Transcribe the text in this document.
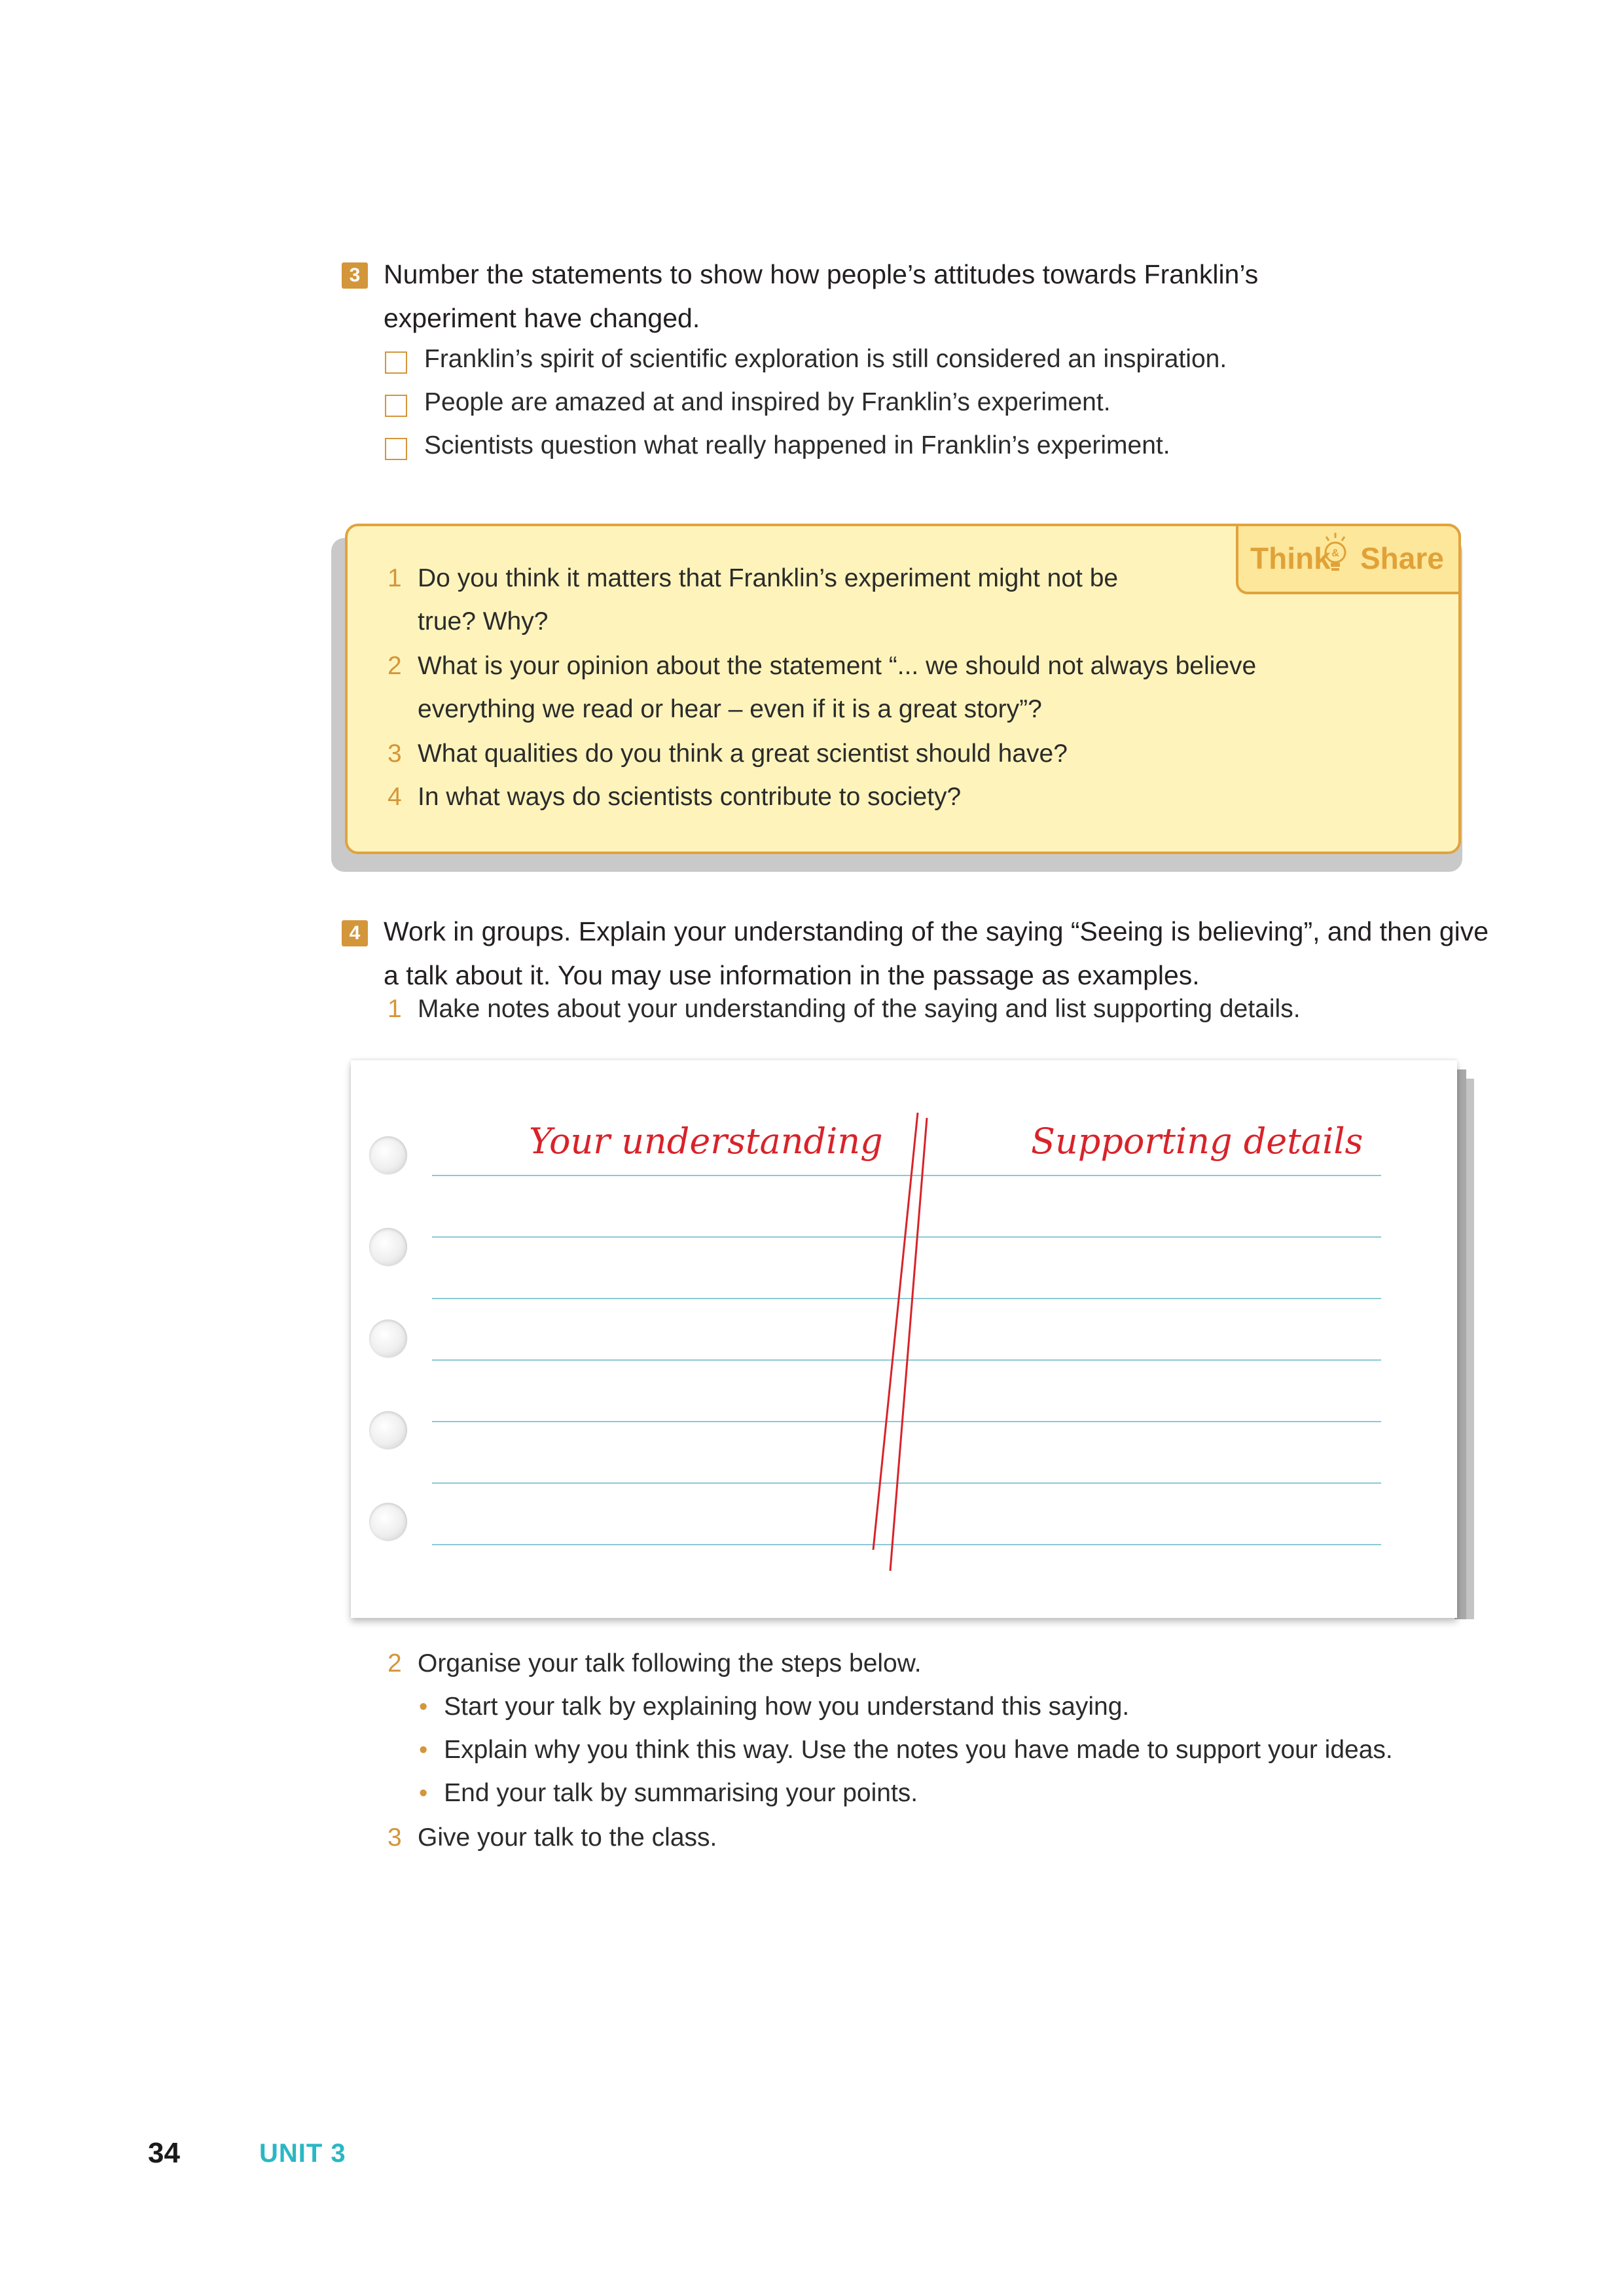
3 Number the statements to show how people’s attitudes towards Franklin’s experiment have changed.
Franklin’s spirit of scientific exploration is still considered an inspiration.
People are amazed at and inspired by Franklin’s experiment.
Scientists question what really happened in Franklin’s experiment.
Think & Share
1 Do you think it matters that Franklin’s experiment might not be
true? Why?
2 What is your opinion about the statement “... we should not always believe
everything we read or hear – even if it is a great story”?
3 What qualities do you think a great scientist should have?
4 In what ways do scientists contribute to society?
4 Work in groups. Explain your understanding of the saying “Seeing is believing”, and then give a talk about it. You may use information in the passage as examples.
1 Make notes about your understanding of the saying and list supporting details.
Your understanding	Supporting details
2 Organise your talk following the steps below.
• Start your talk by explaining how you understand this saying.
• Explain why you think this way. Use the notes you have made to support your ideas.
• End your talk by summarising your points.
3 Give your talk to the class.
34	UNIT 3
